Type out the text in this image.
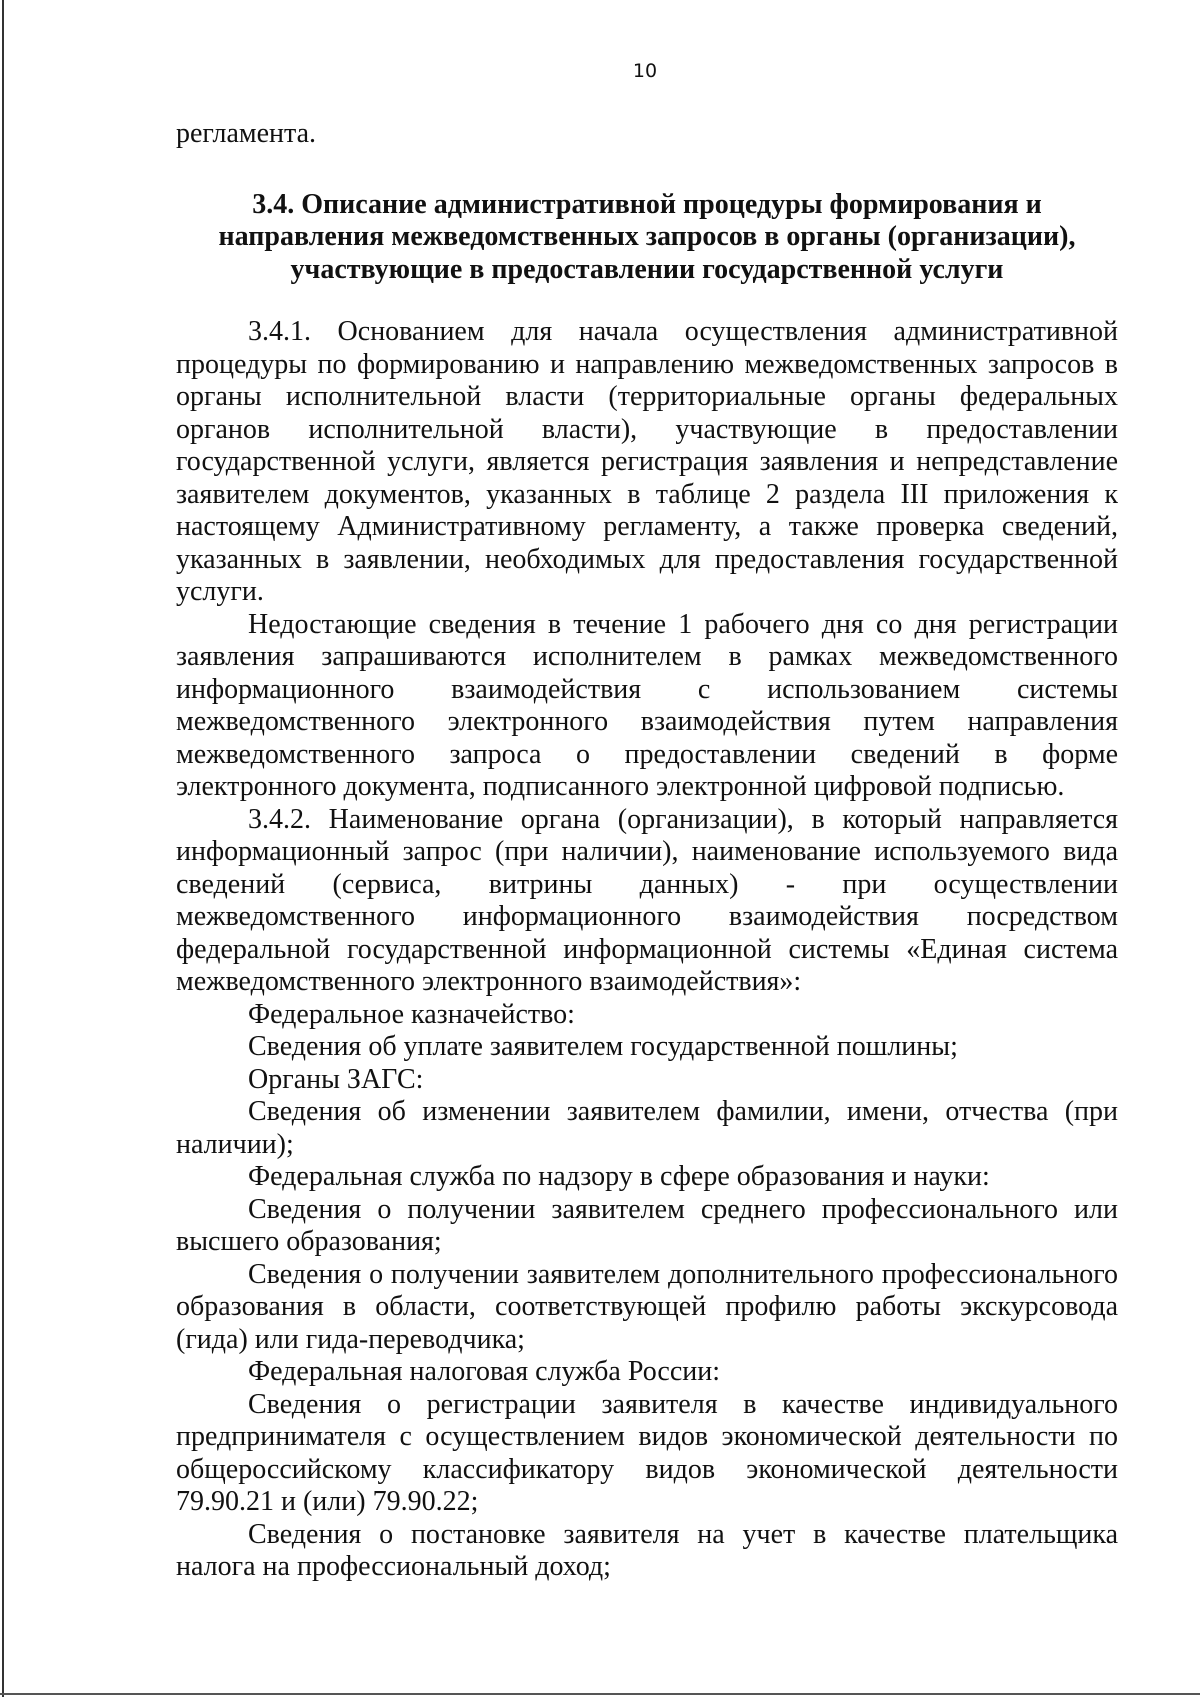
10

регламента.

3.4. Описание административной процедуры формирования и
направления межведомственных запросов в органы (организации),
участвующие в предоставлении государственной услуги

3.4.1. Основанием для начала осуществления административной процедуры по формированию и направлению межведомственных запросов в органы исполнительной власти (территориальные органы федеральных органов исполнительной власти), участвующие в предоставлении государственной услуги, является регистрация заявления и непредставление заявителем документов, указанных в таблице 2 раздела III приложения к настоящему Административному регламенту, а также проверка сведений, указанных в заявлении, необходимых для предоставления государственной услуги.

Недостающие сведения в течение 1 рабочего дня со дня регистрации заявления запрашиваются исполнителем в рамках межведомственного информационного взаимодействия с использованием системы межведомственного электронного взаимодействия путем направления межведомственного запроса о предоставлении сведений в форме электронного документа, подписанного электронной цифровой подписью.

3.4.2. Наименование органа (организации), в который направляется информационный запрос (при наличии), наименование используемого вида сведений (сервиса, витрины данных) - при осуществлении межведомственного информационного взаимодействия посредством федеральной государственной информационной системы «Единая система межведомственного электронного взаимодействия»:

Федеральное казначейство:

Сведения об уплате заявителем государственной пошлины;

Органы ЗАГС:

Сведения об изменении заявителем фамилии, имени, отчества (при наличии);

Федеральная служба по надзору в сфере образования и науки:

Сведения о получении заявителем среднего профессионального или высшего образования;

Сведения о получении заявителем дополнительного профессионального образования в области, соответствующей профилю работы экскурсовода (гида) или гида-переводчика;

Федеральная налоговая служба России:

Сведения о регистрации заявителя в качестве индивидуального предпринимателя с осуществлением видов экономической деятельности по общероссийскому классификатору видов экономической деятельности 79.90.21 и (или) 79.90.22;

Сведения о постановке заявителя на учет в качестве плательщика налога на профессиональный доход;
